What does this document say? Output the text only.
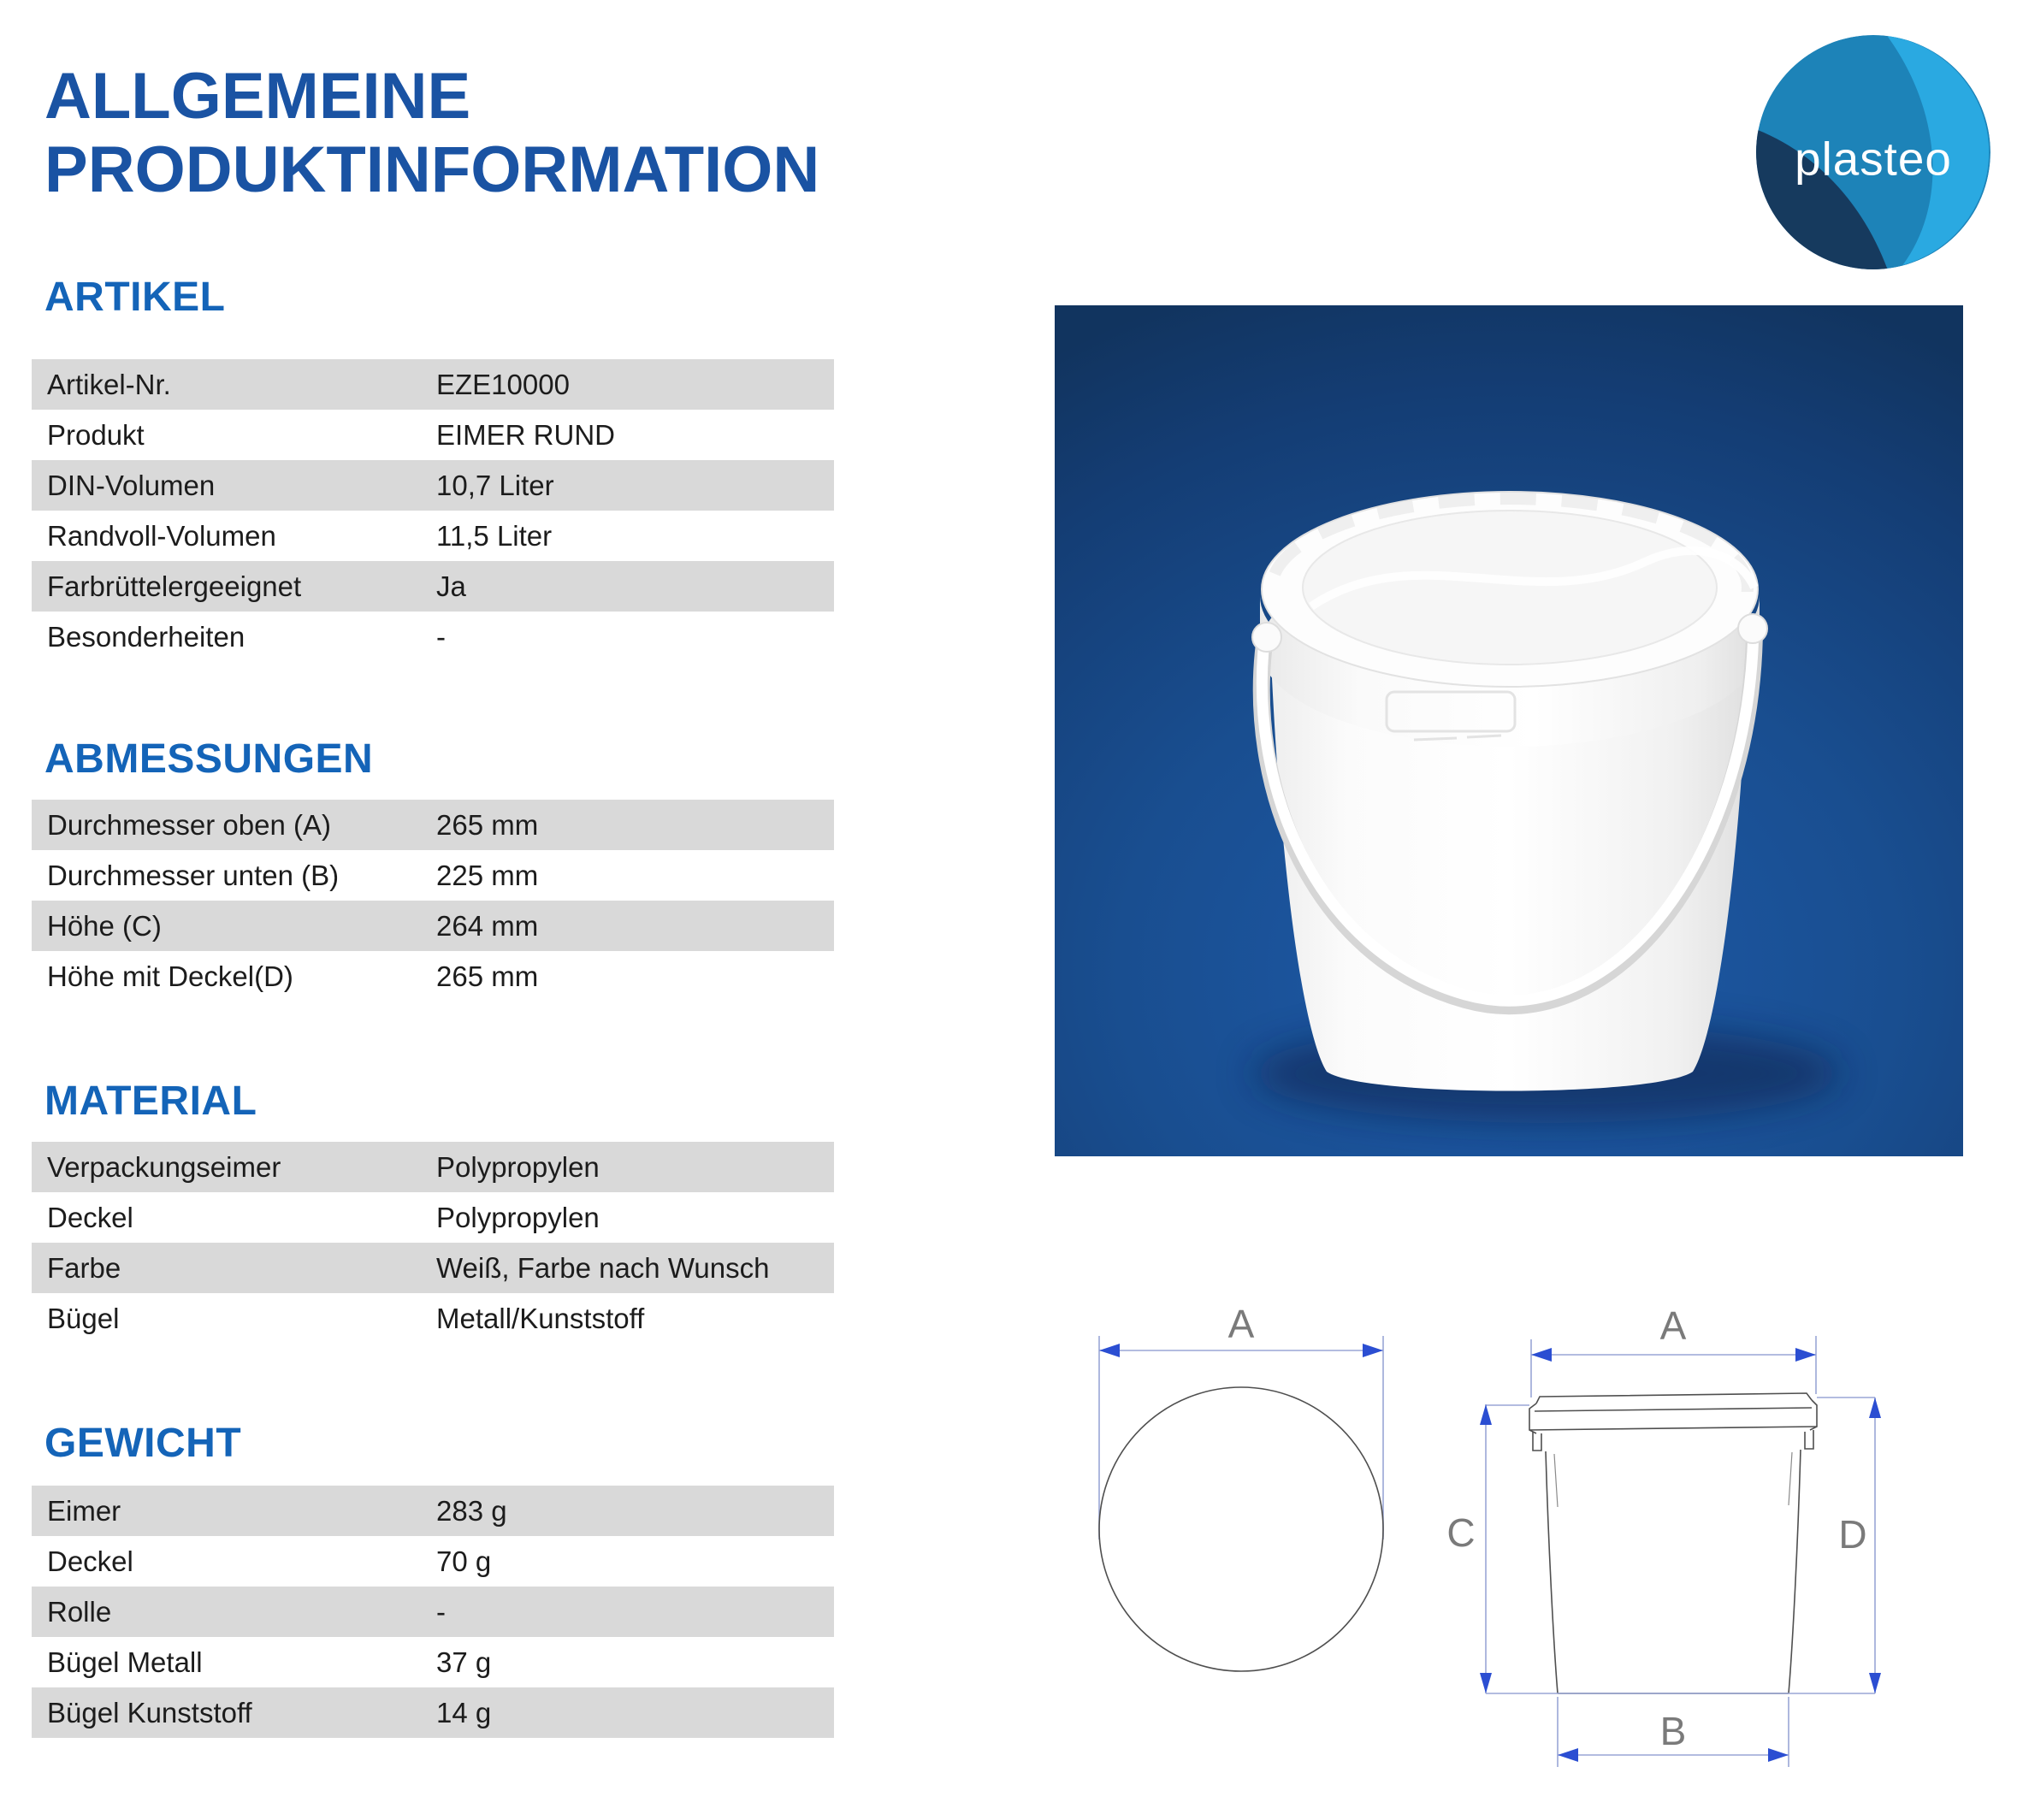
ALLGEMEINE
PRODUKTINFORMATION	plasteo
ARTIKEL
Artikel-Nr.	EZE10000
Produkt	EIMER RUND
DIN-Volumen	10,7 Liter
Randvoll-Volumen	11,5 Liter
Farbrüttelergeeignet	Ja
Besonderheiten	-
ABMESSUNGEN
Durchmesser oben (A)	265 mm
Durchmesser unten (B)	225 mm
Höhe (C)	264 mm
Höhe mit Deckel(D)	265 mm
MATERIAL
Verpackungseimer	Polypropylen
Deckel	Polypropylen
Farbe	Weiß, Farbe nach Wunsch
Bügel	Metall/Kunststoff
GEWICHT
Eimer	283 g
Deckel	70 g
Rolle	-
Bügel Metall	37 g
Bügel Kunststoff	14 g
A	A
C	D
B
